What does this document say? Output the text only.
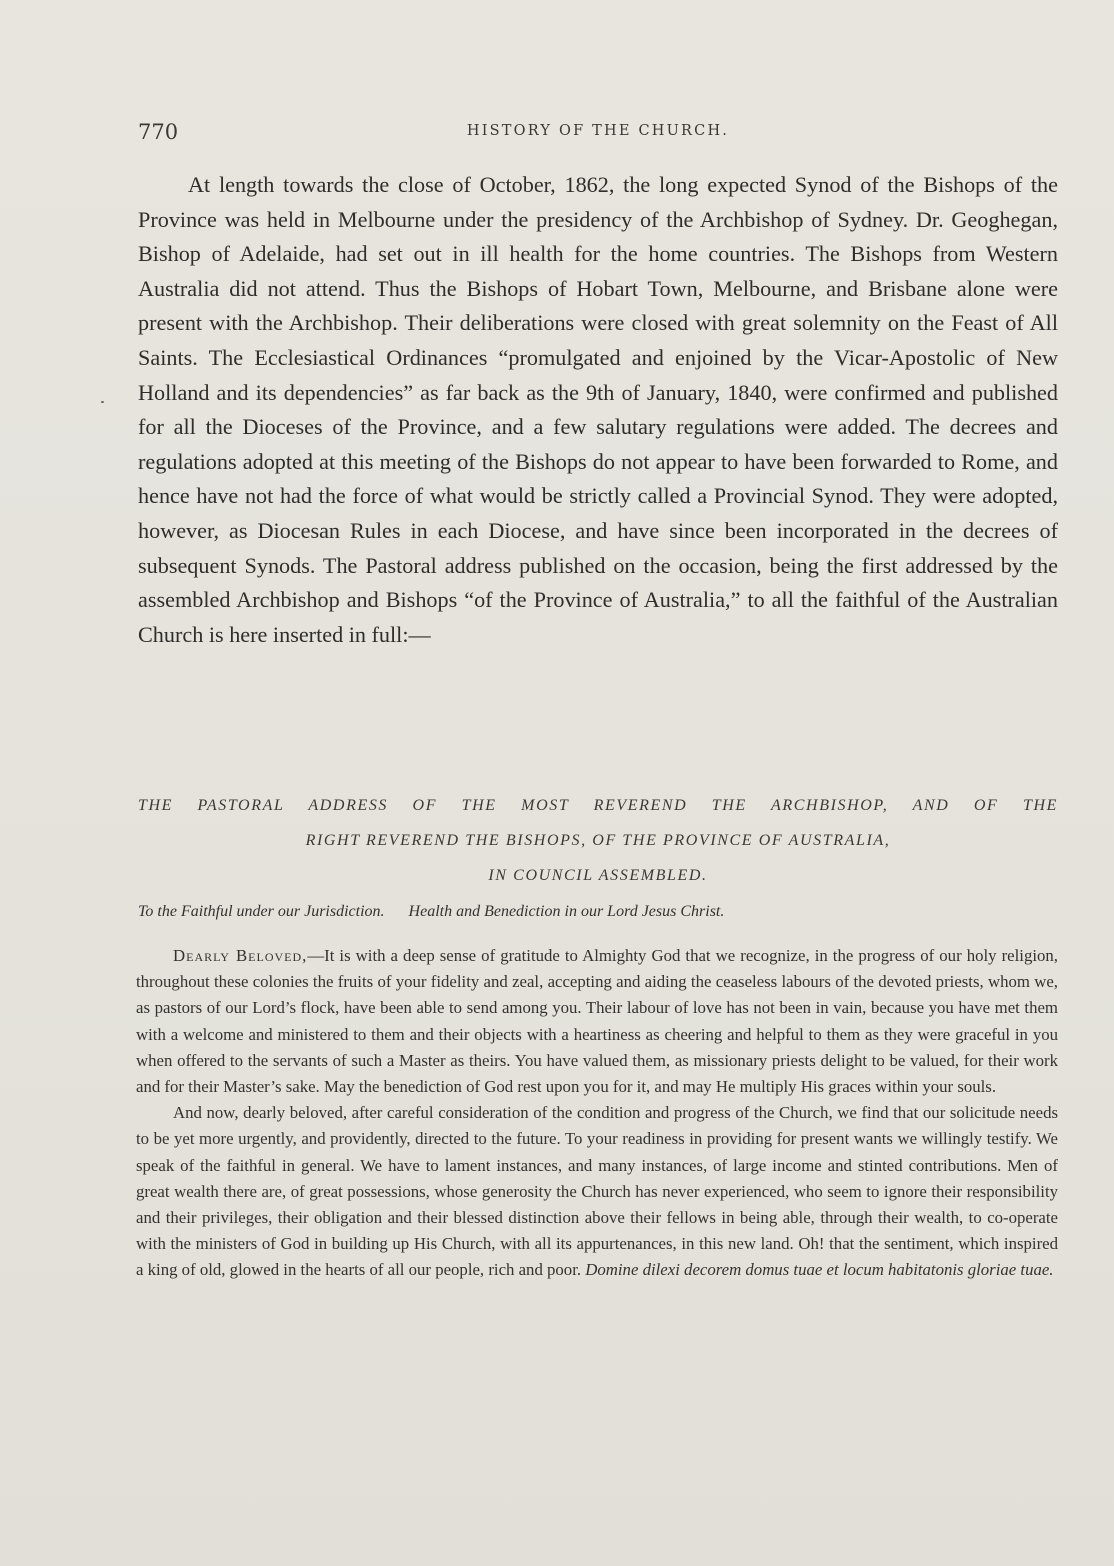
770	HISTORY OF THE CHURCH.

At length towards the close of October, 1862, the long expected Synod of the Bishops of the Province was held in Melbourne under the presidency of the Archbishop of Sydney. Dr. Geoghegan, Bishop of Adelaide, had set out in ill health for the home countries. The Bishops from Western Australia did not attend. Thus the Bishops of Hobart Town, Melbourne, and Brisbane alone were present with the Archbishop. Their deliberations were closed with great solemnity on the Feast of All Saints. The Ecclesiastical Ordinances “promulgated and enjoined by the Vicar-Apostolic of New Holland and its dependencies” as far back as the 9th of January, 1840, were confirmed and published for all the Dioceses of the Province, and a few salutary regulations were added. The decrees and regulations adopted at this meeting of the Bishops do not appear to have been forwarded to Rome, and hence have not had the force of what would be strictly called a Provincial Synod. They were adopted, however, as Diocesan Rules in each Diocese, and have since been incorporated in the decrees of subsequent Synods. The Pastoral address published on the occasion, being the first addressed by the assembled Archbishop and Bishops “of the Province of Australia,” to all the faithful of the Australian Church is here inserted in full:—

THE PASTORAL ADDRESS OF THE MOST REVEREND THE ARCHBISHOP, AND OF THE
RIGHT REVEREND THE BISHOPS, OF THE PROVINCE OF AUSTRALIA,
IN COUNCIL ASSEMBLED.
To the Faithful under our Jurisdiction. Health and Benediction in our Lord Jesus Christ.

Dearly Beloved,—It is with a deep sense of gratitude to Almighty God that we recognize, in the progress of our holy religion, throughout these colonies the fruits of your fidelity and zeal, accepting and aiding the ceaseless labours of the devoted priests, whom we, as pastors of our Lord’s flock, have been able to send among you. Their labour of love has not been in vain, because you have met them with a welcome and ministered to them and their objects with a heartiness as cheering and helpful to them as they were graceful in you when offered to the servants of such a Master as theirs. You have valued them, as missionary priests delight to be valued, for their work and for their Master’s sake. May the benediction of God rest upon you for it, and may He multiply His graces within your souls.

And now, dearly beloved, after careful consideration of the condition and progress of the Church, we find that our solicitude needs to be yet more urgently, and providently, directed to the future. To your readiness in providing for present wants we willingly testify. We speak of the faithful in general. We have to lament instances, and many instances, of large income and stinted contributions. Men of great wealth there are, of great possessions, whose generosity the Church has never experienced, who seem to ignore their responsibility and their privileges, their obligation and their blessed distinction above their fellows in being able, through their wealth, to co-operate with the ministers of God in building up His Church, with all its appurtenances, in this new land. Oh! that the sentiment, which inspired a king of old, glowed in the hearts of all our people, rich and poor. Domine dilexi decorem domus tuae et locum habitatonis gloriae tuae.
